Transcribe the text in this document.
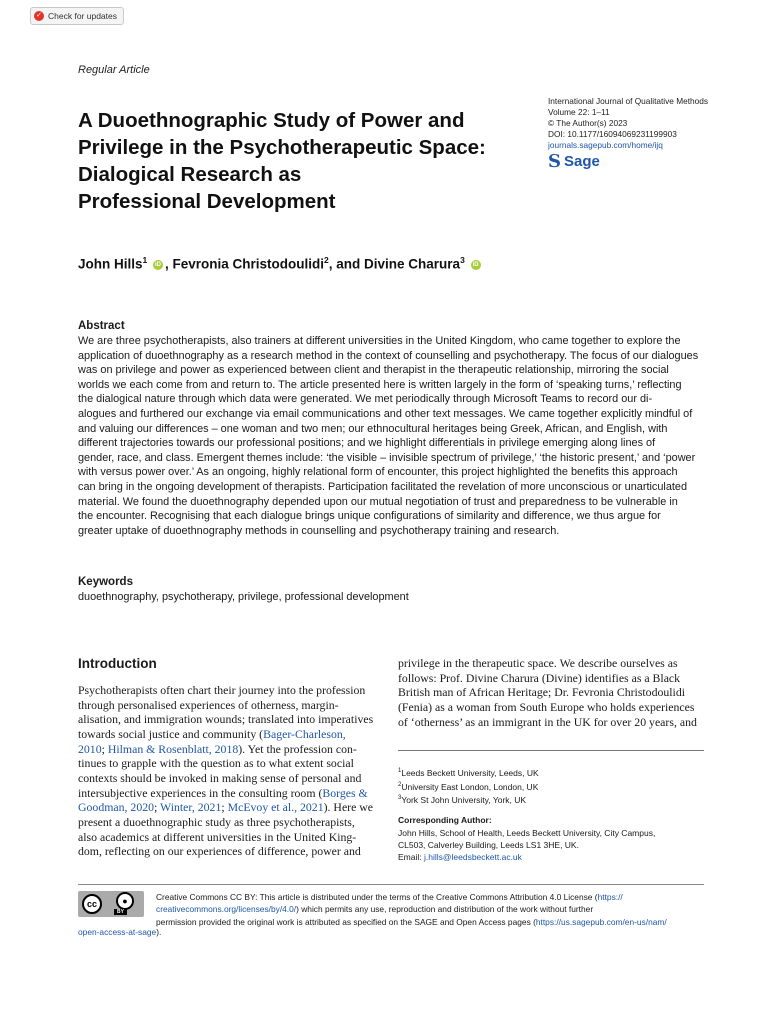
✓ Check for updates
Regular Article
A Duoethnographic Study of Power and
Privilege in the Psychotherapeutic Space:
Dialogical Research as
Professional Development
International Journal of Qualitative Methods
Volume 22: 1–11
© The Author(s) 2023
DOI: 10.1177/16094069231199903
journals.sagepub.com/home/ijq
S Sage
John Hills$^1$ iD , Fevronia Christodoulidi$^2$, and Divine Charura$^3$ iD
Abstract
We are three psychotherapists, also trainers at different universities in the United Kingdom, who came together to explore the
application of duoethnography as a research method in the context of counselling and psychotherapy. The focus of our dialogues
was on privilege and power as experienced between client and therapist in the therapeutic relationship, mirroring the social
worlds we each come from and return to. The article presented here is written largely in the form of ‘speaking turns,’ reflecting
the dialogical nature through which data were generated. We met periodically through Microsoft Teams to record our di-
alogues and furthered our exchange via email communications and other text messages. We came together explicitly mindful of
and valuing our differences – one woman and two men; our ethnocultural heritages being Greek, African, and English, with
different trajectories towards our professional positions; and we highlight differentials in privilege emerging along lines of
gender, race, and class. Emergent themes include: ‘the visible – invisible spectrum of privilege,’ ‘the historic present,’ and ‘power
with versus power over.’ As an ongoing, highly relational form of encounter, this project highlighted the benefits this approach
can bring in the ongoing development of therapists. Participation facilitated the revelation of more unconscious or unarticulated
material. We found the duoethnography depended upon our mutual negotiation of trust and preparedness to be vulnerable in
the encounter. Recognising that each dialogue brings unique configurations of similarity and difference, we thus argue for
greater uptake of duoethnography methods in counselling and psychotherapy training and research.
Keywords
duoethnography, psychotherapy, privilege, professional development
Introduction
Psychotherapists often chart their journey into the profession
through personalised experiences of otherness, margin-
alisation, and immigration wounds; translated into imperatives
towards social justice and community (Bager-Charleson,
2010; Hilman & Rosenblatt, 2018). Yet the profession con-
tinues to grapple with the question as to what extent social
contexts should be invoked in making sense of personal and
intersubjective experiences in the consulting room (Borges &
Goodman, 2020; Winter, 2021; McEvoy et al., 2021). Here we
present a duoethnographic study as three psychotherapists,
also academics at different universities in the United King-
dom, reflecting on our experiences of difference, power and
privilege in the therapeutic space. We describe ourselves as
follows: Prof. Divine Charura (Divine) identifies as a Black
British man of African Heritage; Dr. Fevronia Christodoulidi
(Fenia) as a woman from South Europe who holds experiences
of ‘otherness’ as an immigrant in the UK for over 20 years, and
$^1$Leeds Beckett University, Leeds, UK
$^2$University East London, London, UK
$^3$York St John University, York, UK
Corresponding Author:
John Hills, School of Health, Leeds Beckett University, City Campus,
CL503, Calverley Building, Leeds LS1 3HE, UK.
Email: j.hills@leedsbeckett.ac.uk
cc	●
BY
Creative Commons CC BY: This article is distributed under the terms of the Creative Commons Attribution 4.0 License (https://
creativecommons.org/licenses/by/4.0/) which permits any use, reproduction and distribution of the work without further
permission provided the original work is attributed as specified on the SAGE and Open Access pages (https://us.sagepub.com/en-us/nam/
open-access-at-sage).
